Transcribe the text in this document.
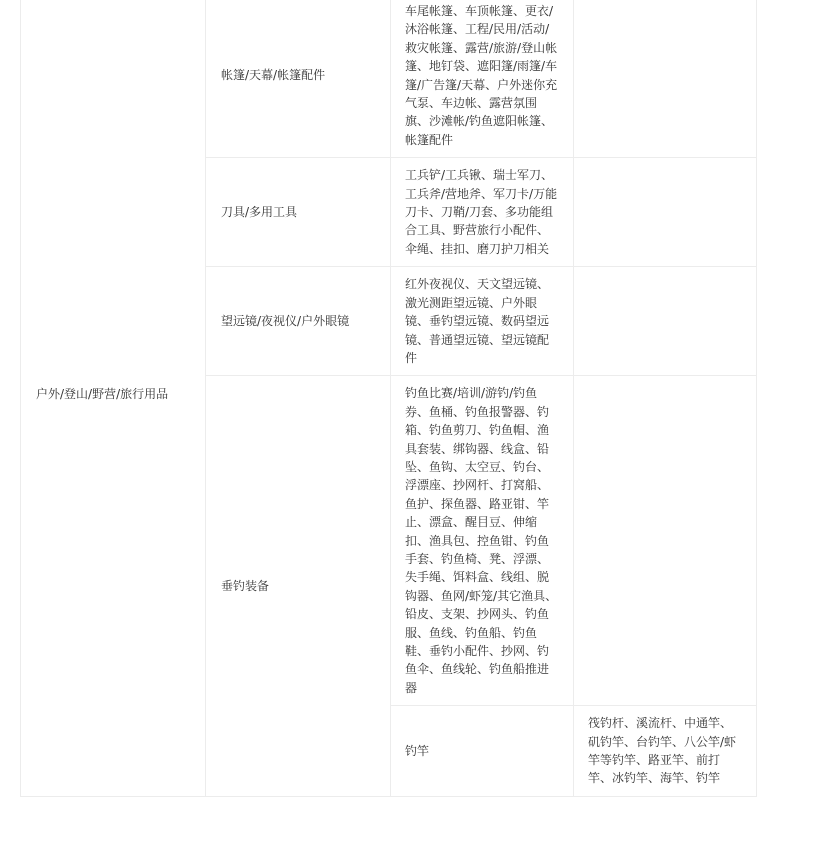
户外/登山/野营/旅行用品	帐篷/天幕/帐篷配件	车尾帐篷、车顶帐篷、更衣/沐浴帐篷、工程/民用/活动/救灾帐篷、露营/旅游/登山帐篷、地钉袋、遮阳篷/雨篷/车篷/广告篷/天幕、户外迷你充气泵、车边帐、露营氛围旗、沙滩帐/钓鱼遮阳帐篷、帐篷配件	
	刀具/多用工具	工兵铲/工兵锹、瑞士军刀、工兵斧/营地斧、军刀卡/万能刀卡、刀鞘/刀套、多功能组合工具、野营旅行小配件、伞绳、挂扣、磨刀护刀相关	
	望远镜/夜视仪/户外眼镜	红外夜视仪、天文望远镜、激光测距望远镜、户外眼镜、垂钓望远镜、数码望远镜、普通望远镜、望远镜配件	
	垂钓装备	钓鱼比赛/培训/游钓/钓鱼券、鱼桶、钓鱼报警器、钓箱、钓鱼剪刀、钓鱼帽、渔具套装、绑钩器、线盒、铅坠、鱼钩、太空豆、钓台、浮漂座、抄网杆、打窝船、鱼护、探鱼器、路亚钳、竿止、漂盒、醒目豆、伸缩扣、渔具包、控鱼钳、钓鱼手套、钓鱼椅、凳、浮漂、失手绳、饵料盒、线组、脱钩器、鱼网/虾笼/其它渔具、铅皮、支架、抄网头、钓鱼服、鱼线、钓鱼船、钓鱼鞋、垂钓小配件、抄网、钓鱼伞、鱼线轮、钓鱼船推进器	
		钓竿	筏钓杆、溪流杆、中通竿、矶钓竿、台钓竿、八公竿/虾竿等钓竿、路亚竿、前打竿、冰钓竿、海竿、钓竿
